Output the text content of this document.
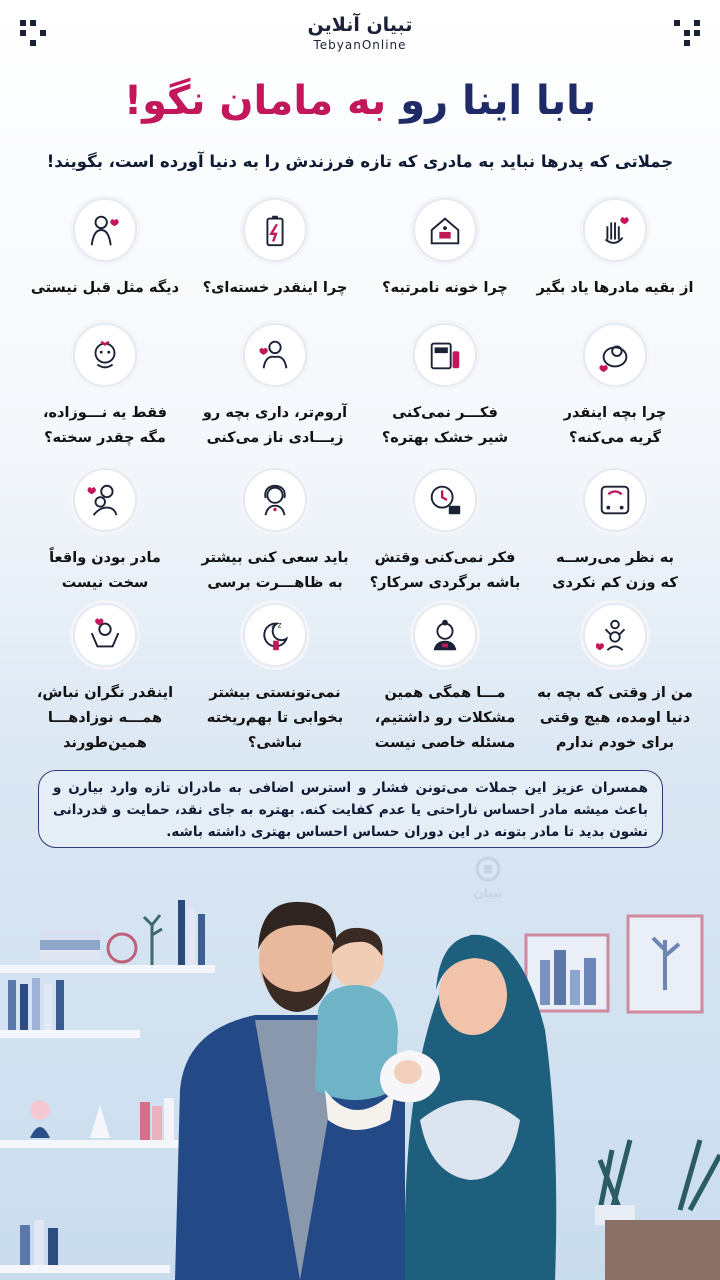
تبیان آنلاین
TebyanOnline
بابا اینا رو به مامان نگو!
جملاتی که پدرها نباید به مادری که تازه فرزندش را به دنیا آورده است، بگویند!
از بقیه مادرها یاد بگیر
چرا خونه نامرتبه؟
چرا اینقدر خسته‌ای؟
دیگه مثل قبل نیستی
چرا بچه اینقدر
گریه می‌کنه؟
فکـــر نمی‌کنی
شیر خشک بهتره؟
آروم‌تر، داری بچه رو
زیـــادی ناز می‌کنی
فقط یه نـــوزاده،
مگه چقدر سخته؟
به نظر می‌رســه
که وزن کم نکردی
فکر نمی‌کنی وقتش
باشه برگردی سرکار؟
باید سعی کنی بیشتر
به ظاهـــرت برسی
مادر بودن واقعاً
سخت نیست
من از وقتی که بچه به
دنیا اومده، هیچ وقتی
برای خودم ندارم
مـــا همگی همین
مشکلات رو داشتیم،
مسئله خاصی نیست
z z
نمی‌تونستی بیشتر
بخوابی تا بهم‌ریخته
نباشی؟
اینقدر نگران نباش،
همـــه نوزادهـــا
همین‌طورند
همسران عزیز این جملات می‌تونن فشار و استرس اضافی به مادران تازه وارد بیارن و باعث میشه مادر احساس ناراحتی یا عدم کفایت کنه. بهتره به جای نقد، حمایت و قدردانی نشون بدید تا مادر بتونه در این دوران حساس احساس بهتری داشته باشه.
تبیان
